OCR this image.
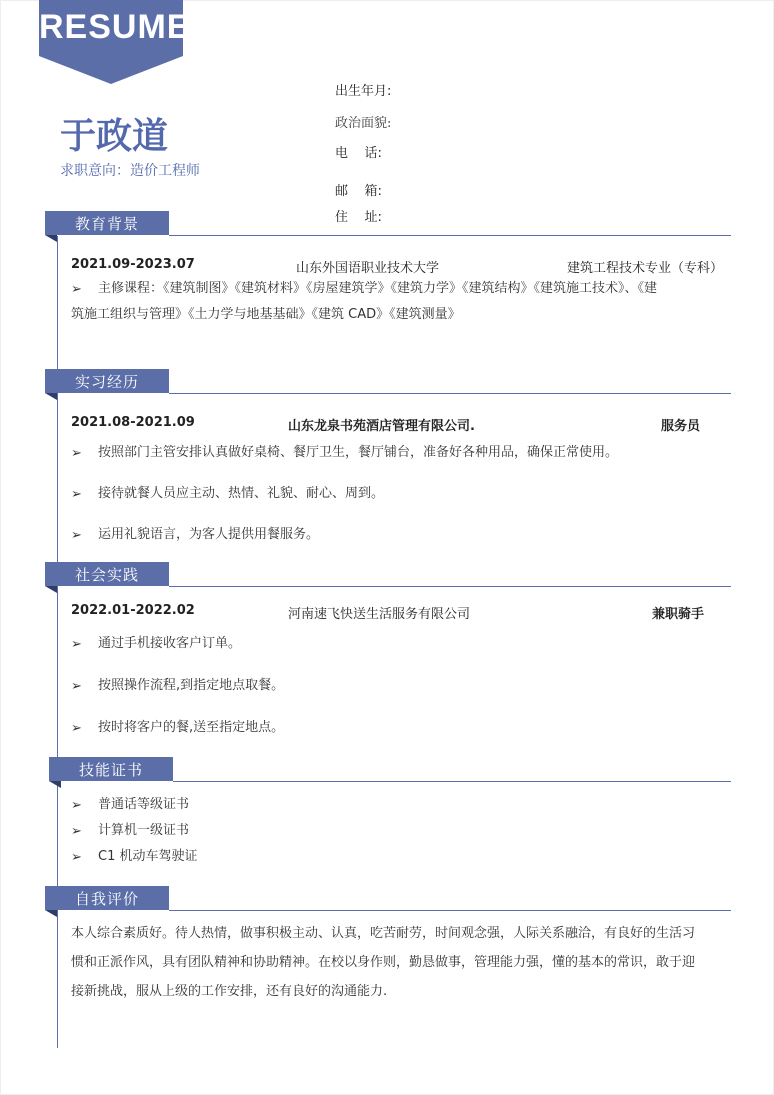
RESUME
于政道
求职意向：造价工程师
出生年月:
政治面貌:
电    话:
邮    箱:
住    址:
教育背景
2021.09-2023.07	山东外国语职业技术大学	建筑工程技术专业（专科）
➢ 主修课程：《建筑制图》《建筑材料》《房屋建筑学》《建筑力学》《建筑结构》《建筑施工技术》、《建
筑施工组织与管理》《土力学与地基基础》《建筑 CAD》《建筑测量》
实习经历
2021.08-2021.09	山东龙泉书苑酒店管理有限公司.	服务员
➢ 按照部门主管安排认真做好桌椅、餐厅卫生，餐厅铺台，准备好各种用品，确保正常使用。
➢ 接待就餐人员应主动、热情、礼貌、耐心、周到。
➢ 运用礼貌语言，为客人提供用餐服务。
社会实践
2022.01-2022.02	河南速飞快送生活服务有限公司	兼职骑手
➢ 通过手机接收客户订单。
➢ 按照操作流程,到指定地点取餐。
➢ 按时将客户的餐,送至指定地点。
技能证书
➢ 普通话等级证书
➢ 计算机一级证书
➢ C1 机动车驾驶证
自我评价
本人综合素质好。待人热情，做事积极主动、认真，吃苦耐劳，时间观念强，人际关系融洽，有良好的生活习
惯和正派作风，具有团队精神和协助精神。在校以身作则，勤恳做事，管理能力强，懂的基本的常识，敢于迎
接新挑战，服从上级的工作安排，还有良好的沟通能力.
